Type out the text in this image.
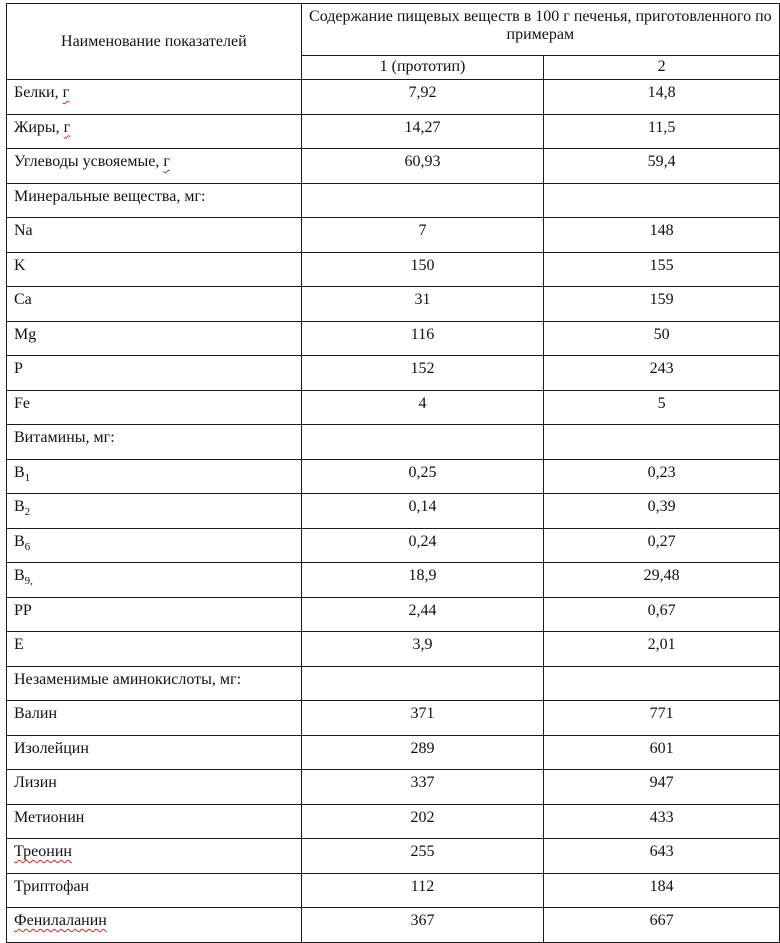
Наименование показателей	Содержание пищевых веществ в 100 г печенья, приготовленного по примерам	
	1 (прототип)	2
Белки, г	7,92	14,8
Жиры, г	14,27	11,5
Углеводы усвояемые, г	60,93	59,4
Минеральные вещества, мг:		
Na	7	148
K	150	155
Ca	31	159
Mg	116	50
P	152	243
Fe	4	5
Витамины, мг:		
$B_1$	0,25	0,23
$B_2$	0,14	0,39
$B_6$	0,24	0,27
$B_{9,}$	18,9	29,48
PP	2,44	0,67
E	3,9	2,01
Незаменимые аминокислоты, мг:		
Валин	371	771
Изолейцин	289	601
Лизин	337	947
Метионин	202	433
Треонин	255	643
Триптофан	112	184
Фенилаланин	367	667
